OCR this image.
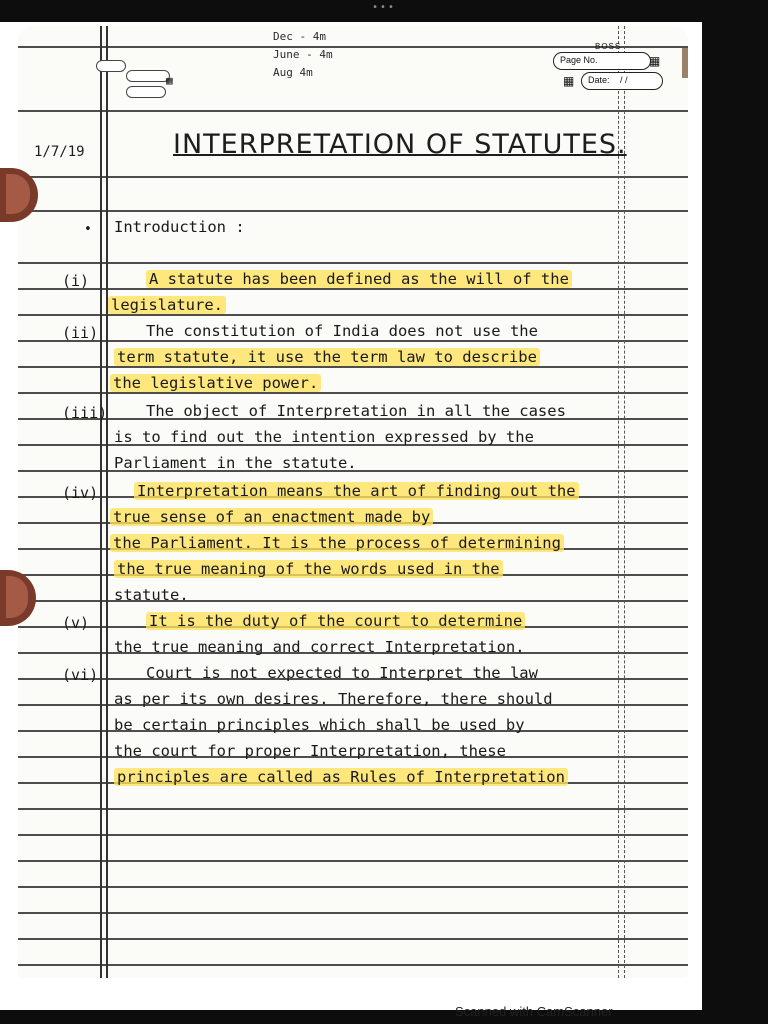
•••
Dec - 4m
June - 4m
Aug 4m
▦
Page No.
Date: / /
BOSS
▦
▦
1/7/19	INTERPRETATION OF STATUTES.
• Introduction :
(i)	A statute has been defined as the will of the
legislature.
(ii)	The constitution of India does not use the
term statute, it use the term law to describe
the legislative power.
(iii)	The object of Interpretation in all the cases
is to find out the intention expressed by the
Parliament in the statute.
(iv)	Interpretation means the art of finding out the
true sense of an enactment made by
the Parliament. It is the process of determining
the true meaning of the words used in the
statute.
(v)	It is the duty of the court to determine
the true meaning and correct Interpretation.
(vi)	Court is not expected to Interpret the law
as per its own desires. Therefore, there should
be certain principles which shall be used by
the court for proper Interpretation, these
principles are called as Rules of Interpretation
Scanned with CamScanner
